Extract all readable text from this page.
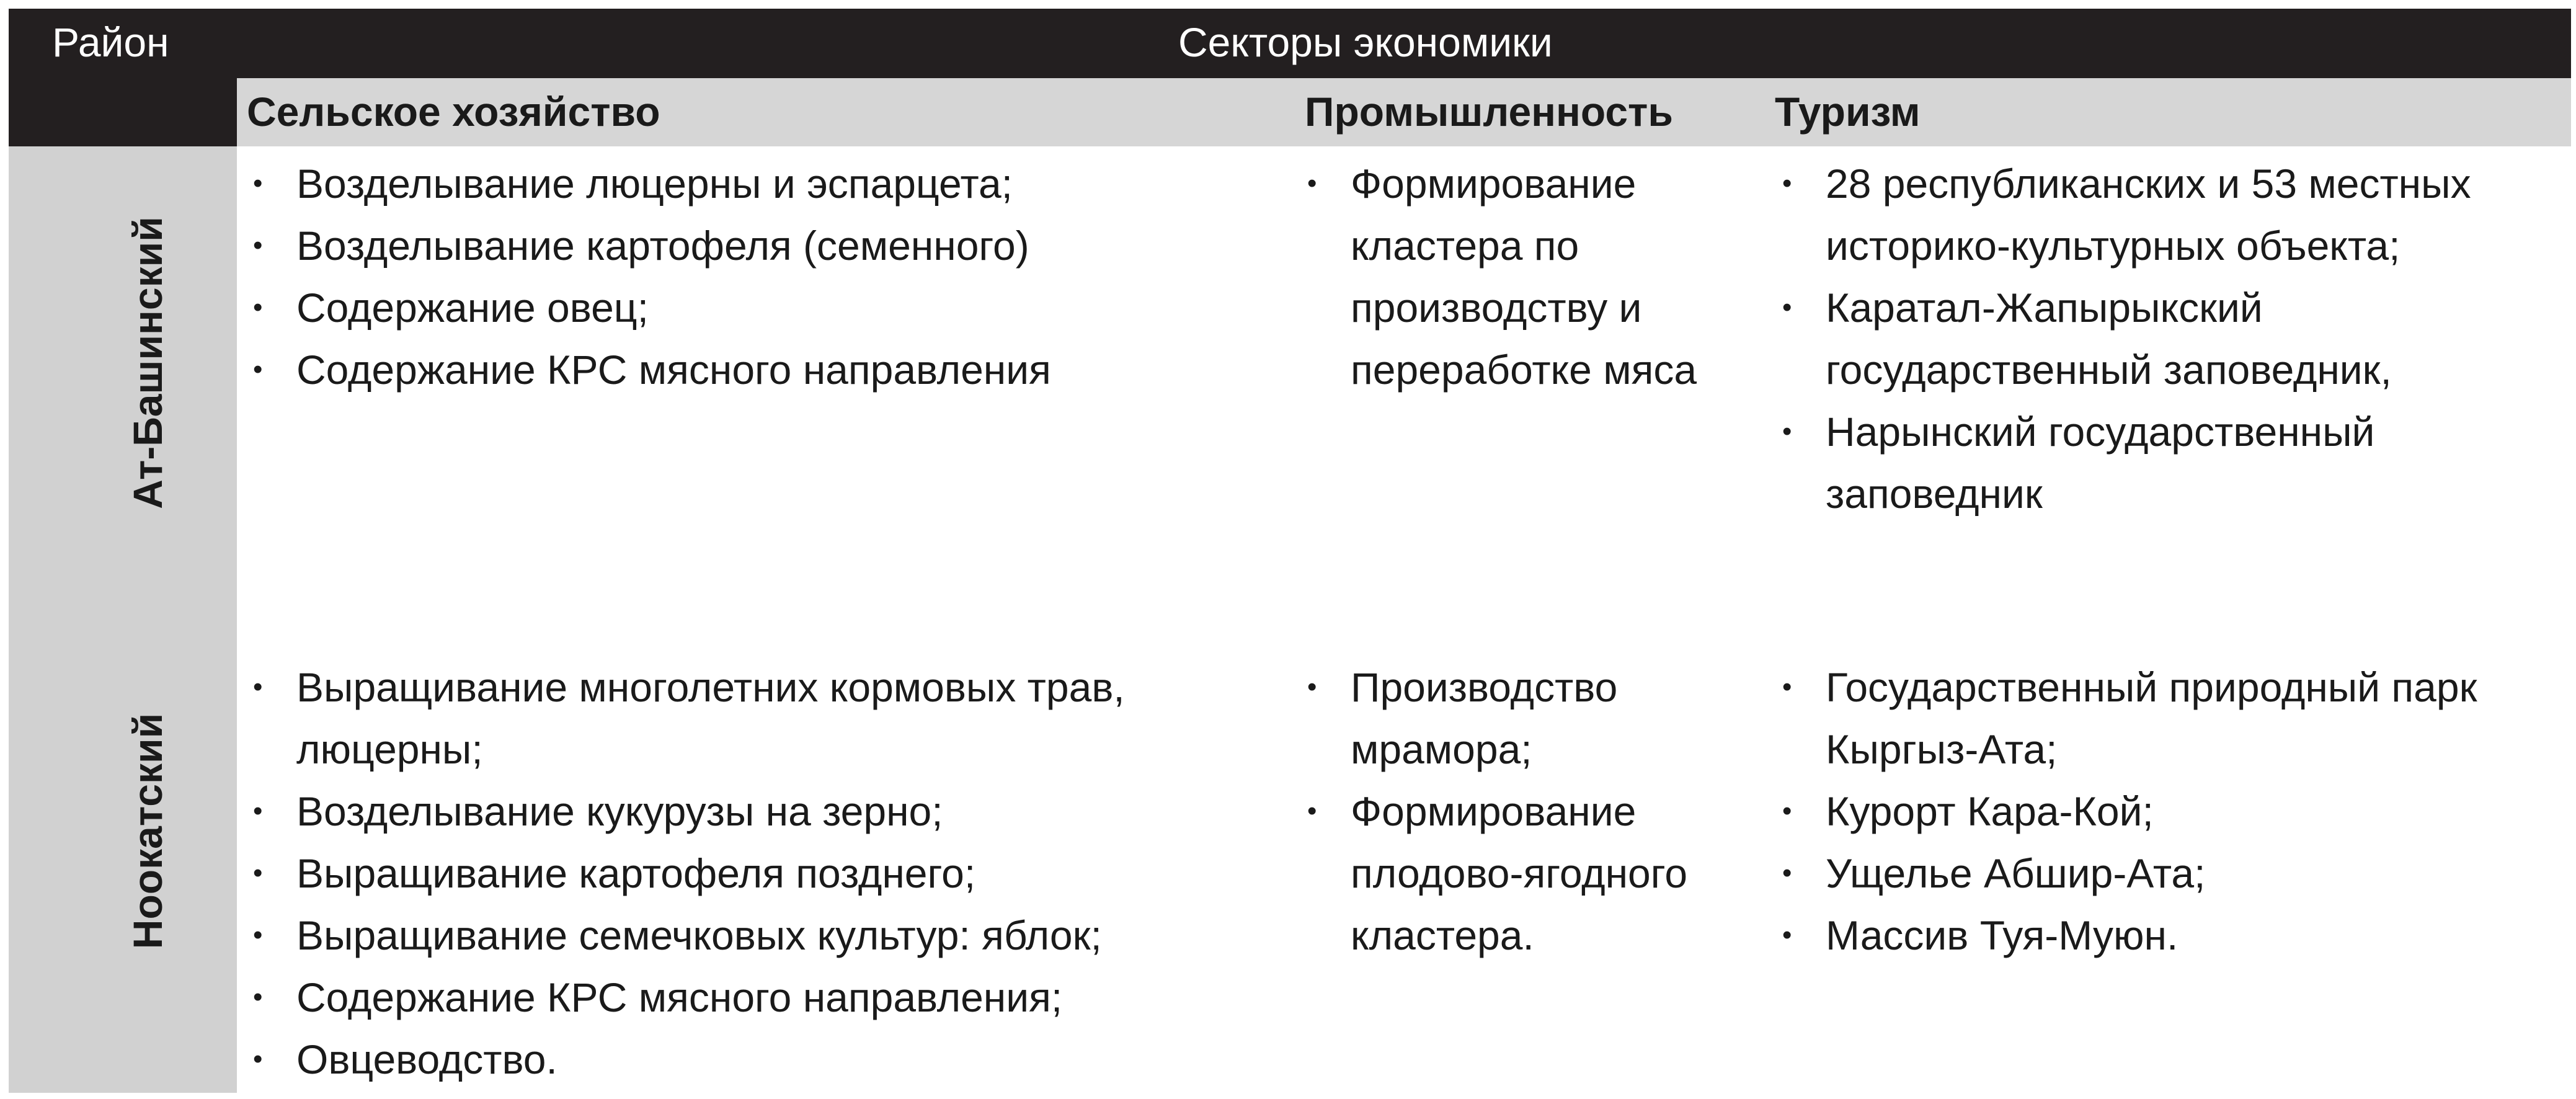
Район	Секторы экономики
Сельское хозяйство	Промышленность Туризм
Ат-Башинский
Ноокатский
• Возделывание люцерны и эспарцета;
• Возделывание картофеля (семенного)
• Содержание овец;
• Содержание КРС мясного направления
• Формирование кластера по производству и переработке мяса
• 28 республиканских и 53 местных историко-культурных объекта;
• Каратал-Жапырыкский государственный заповедник,
• Нарынский государственный заповедник
• Выращивание многолетних кормовых трав, люцерны;
• Возделывание кукурузы на зерно;
• Выращивание картофеля позднего;
• Выращивание семечковых культур: яблок;
• Содержание КРС мясного направления;
• Овцеводство.
• Производство мрамора;
• Формирование плодово-ягодного кластера.
• Государственный природный парк Кыргыз-Ата;
• Курорт Кара-Кой;
• Ущелье Абшир-Ата;
• Массив Туя-Муюн.
